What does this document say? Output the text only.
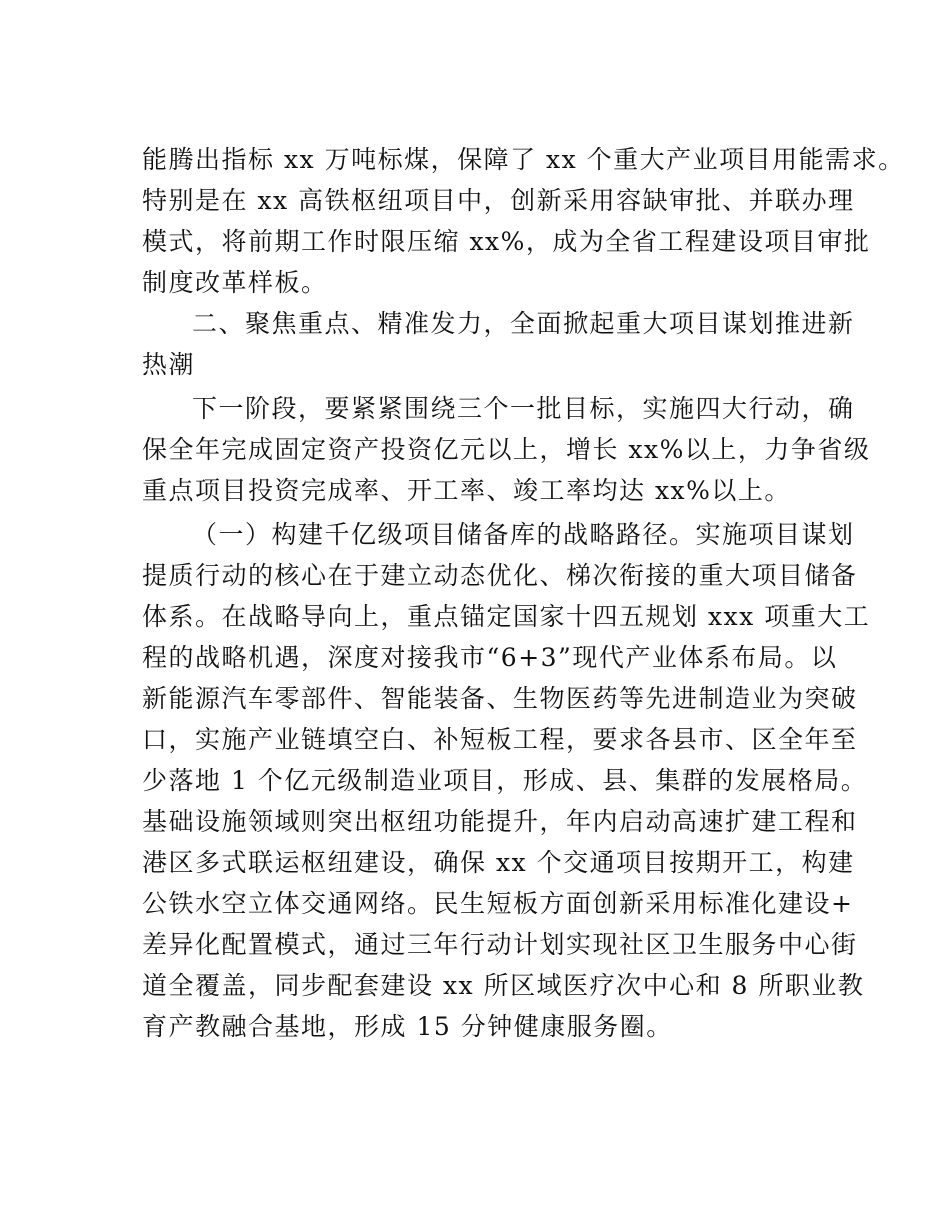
能腾出指标 xx 万吨标煤，保障了 xx 个重大产业项目用能需求。
特别是在 xx 高铁枢纽项目中，创新采用容缺审批、并联办理
模式，将前期工作时限压缩 xx%，成为全省工程建设项目审批
制度改革样板。
二、聚焦重点、精准发力，全面掀起重大项目谋划推进新
热潮
下一阶段，要紧紧围绕三个一批目标，实施四大行动，确
保全年完成固定资产投资亿元以上，增长 xx%以上，力争省级
重点项目投资完成率、开工率、竣工率均达 xx%以上。
（一）构建千亿级项目储备库的战略路径。实施项目谋划
提质行动的核心在于建立动态优化、梯次衔接的重大项目储备
体系。在战略导向上，重点锚定国家十四五规划 xxx 项重大工
程的战略机遇，深度对接我市“6+3”现代产业体系布局。以
新能源汽车零部件、智能装备、生物医药等先进制造业为突破
口，实施产业链填空白、补短板工程，要求各县市、区全年至
少落地 1 个亿元级制造业项目，形成、县、集群的发展格局。
基础设施领域则突出枢纽功能提升，年内启动高速扩建工程和
港区多式联运枢纽建设，确保 xx 个交通项目按期开工，构建
公铁水空立体交通网络。民生短板方面创新采用标准化建设+
差异化配置模式，通过三年行动计划实现社区卫生服务中心街
道全覆盖，同步配套建设 xx 所区域医疗次中心和 8 所职业教
育产教融合基地，形成 15 分钟健康服务圈。
